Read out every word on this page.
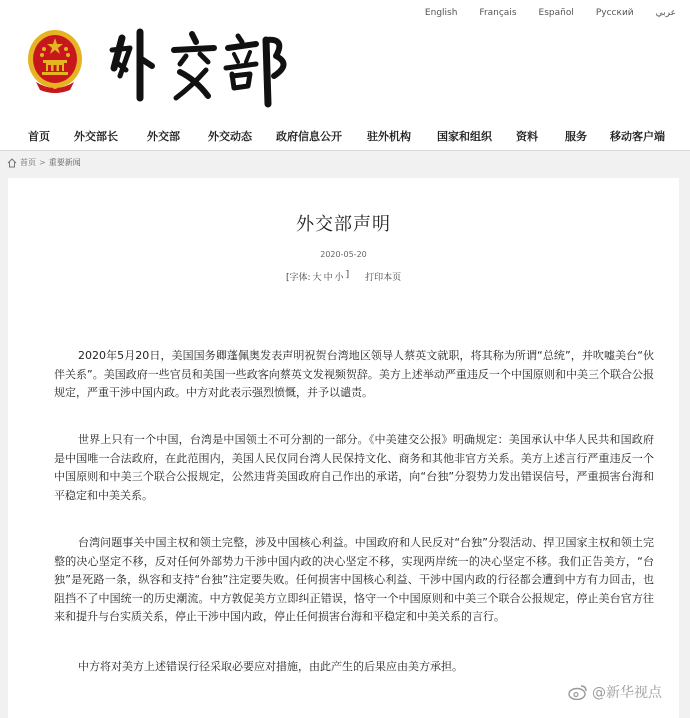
English Français Español Русский عربي
首页 外交部长	外交部	外交动态 政府信息公开 驻外机构 国家和组织 资料 服务 移动客户端
首页 > 重要新闻
外交部声明
2020-05-20
[字体: 大 中 小 ] 打印本页

2020年5月20日，美国国务卿蓬佩奥发表声明祝贺台湾地区领导人蔡英文就职，将其称为所谓“总统”，并吹嘘美台“伙伴关系”。美国政府一些官员和美国一些政客向蔡英文发视频贺辞。美方上述举动严重违反一个中国原则和中美三个联合公报规定，严重干涉中国内政。中方对此表示强烈愤慨，并予以谴责。

世界上只有一个中国，台湾是中国领土不可分割的一部分。《中美建交公报》明确规定：美国承认中华人民共和国政府是中国唯一合法政府，在此范围内，美国人民仅同台湾人民保持文化、商务和其他非官方关系。美方上述言行严重违反一个中国原则和中美三个联合公报规定，公然违背美国政府自己作出的承诺，向“台独”分裂势力发出错误信号，严重损害台海和平稳定和中美关系。

台湾问题事关中国主权和领土完整，涉及中国核心利益。中国政府和人民反对“台独”分裂活动、捍卫国家主权和领土完整的决心坚定不移，反对任何外部势力干涉中国内政的决心坚定不移，实现两岸统一的决心坚定不移。我们正告美方，“台独”是死路一条，纵容和支持“台独”注定要失败。任何损害中国核心利益、干涉中国内政的行径都会遭到中方有力回击，也阻挡不了中国统一的历史潮流。中方敦促美方立即纠正错误，恪守一个中国原则和中美三个联合公报规定，停止美台官方往来和提升与台实质关系，停止干涉中国内政，停止任何损害台海和平稳定和中美关系的言行。

中方将对美方上述错误行径采取必要应对措施，由此产生的后果应由美方承担。

@新华视点
